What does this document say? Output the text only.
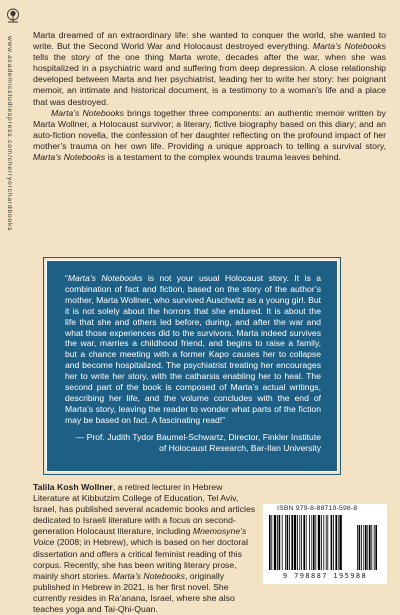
www.academicstudiespress.com/cherryorchardbooks

Marta dreamed of an extraordinary life: she wanted to conquer the world, she wanted to write. But the Second World War and Holocaust destroyed everything. Marta’s Notebooks tells the story of the one thing Marta wrote, decades after the war, when she was hospitalized in a psychiatric ward and suffering from deep depression. A close relationship developed between Marta and her psychiatrist, leading her to write her story: her poignant memoir, an intimate and historical document, is a testimony to a woman’s life and a place that was destroyed.

Marta’s Notebooks brings together three components: an authentic memoir written by Marta Wollner, a Holocaust survivor; a literary, fictive biography based on this diary; and an auto-fiction novella, the confession of her daughter reflecting on the profound impact of her mother’s trauma on her own life. Providing a unique approach to telling a survival story, Marta’s Notebooks is a testament to the complex wounds trauma leaves behind.

“Marta’s Notebooks is not your usual Holocaust story. It is a combination of fact and fiction, based on the story of the author’s mother, Marta Wollner, who survived Auschwitz as a young girl. But it is not solely about the horrors that she endured. It is about the life that she and others led before, during, and after the war and what those experiences did to the survivors. Marta indeed survives the war, marries a childhood friend, and begins to raise a family, but a chance meeting with a former Kapo causes her to collapse and become hospitalized. The psychiatrist treating her encourages her to write her story, with the catharsis enabling her to heal. The second part of the book is composed of Marta’s actual writings, describing her life, and the volume concludes with the end of Marta’s story, leaving the reader to wonder what parts of the fiction may be based on fact. A fascinating read!”

— Prof. Judith Tydor Baumel-Schwartz, Director, Finkler Institute
of Holocaust Research, Bar-Ilan University

Talila Kosh Wollner, a retired lecturer in Hebrew Literature at Kibbutzim College of Education, Tel Aviv, Israel, has published several academic books and articles dedicated to Israeli literature with a focus on second-generation Holocaust literature, including Mnemosyne’s Voice (2008; in Hebrew), which is based on her doctoral dissertation and offers a critical feminist reading of this corpus. Recently, she has been writing literary prose, mainly short stories. Marta’s Notebooks, originally published in Hebrew in 2021, is her first novel. She currently resides in Ra’anana, Israel, where she also teaches yoga and Tai-Qhi-Quan.

ISBN 979-8-88719-598-8
9 798887 195988
